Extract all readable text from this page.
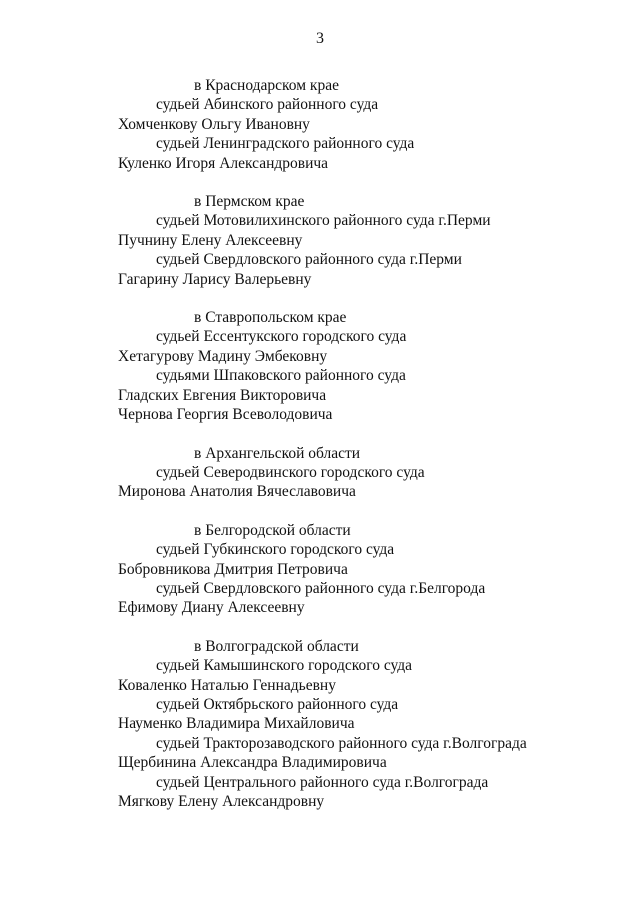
3
в Краснодарском крае
судьей Абинского районного суда
Хомченкову Ольгу Ивановну
судьей Ленинградского районного суда
Куленко Игоря Александровича
в Пермском крае
судьей Мотовилихинского районного суда г.Перми
Пучнину Елену Алексеевну
судьей Свердловского районного суда г.Перми
Гагарину Ларису Валерьевну
в Ставропольском крае
судьей Ессентукского городского суда
Хетагурову Мадину Эмбековну
судьями Шпаковского районного суда
Гладских Евгения Викторовича
Чернова Георгия Всеволодовича
в Архангельской области
судьей Северодвинского городского суда
Миронова Анатолия Вячеславовича
в Белгородской области
судьей Губкинского городского суда
Бобровникова Дмитрия Петровича
судьей Свердловского районного суда г.Белгорода
Ефимову Диану Алексеевну
в Волгоградской области
судьей Камышинского городского суда
Коваленко Наталью Геннадьевну
судьей Октябрьского районного суда
Науменко Владимира Михайловича
судьей Тракторозаводского районного суда г.Волгограда
Щербинина Александра Владимировича
судьей Центрального районного суда г.Волгограда
Мягкову Елену Александровну
